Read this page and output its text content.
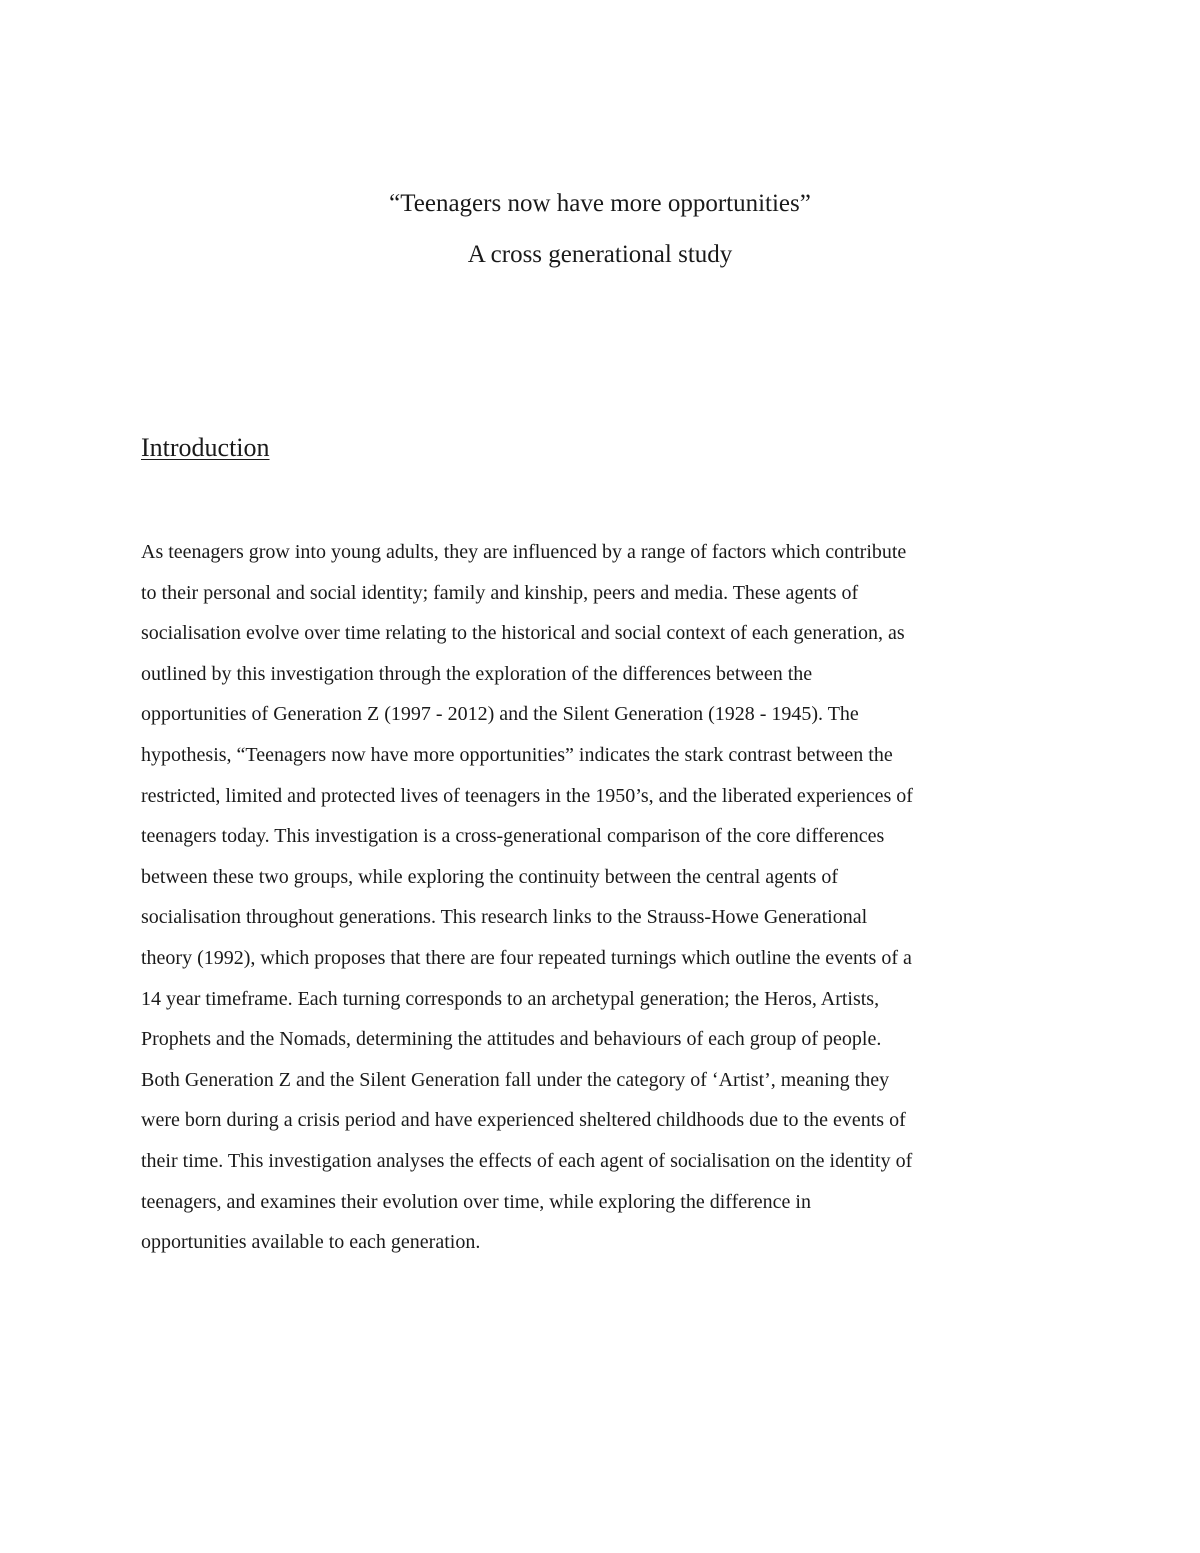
“Teenagers now have more opportunities”

A cross generational study

Introduction
As teenagers grow into young adults, they are influenced by a range of factors which contribute
to their personal and social identity; family and kinship, peers and media. These agents of
socialisation evolve over time relating to the historical and social context of each generation, as
outlined by this investigation through the exploration of the differences between the
opportunities of Generation Z (1997 - 2012) and the Silent Generation (1928 - 1945). The
hypothesis, “Teenagers now have more opportunities” indicates the stark contrast between the
restricted, limited and protected lives of teenagers in the 1950’s, and the liberated experiences of
teenagers today. This investigation is a cross-generational comparison of the core differences
between these two groups, while exploring the continuity between the central agents of
socialisation throughout generations. This research links to the Strauss-Howe Generational
theory (1992), which proposes that there are four repeated turnings which outline the events of a
14 year timeframe. Each turning corresponds to an archetypal generation; the Heros, Artists,
Prophets and the Nomads, determining the attitudes and behaviours of each group of people.
Both Generation Z and the Silent Generation fall under the category of ‘Artist’, meaning they
were born during a crisis period and have experienced sheltered childhoods due to the events of
their time. This investigation analyses the effects of each agent of socialisation on the identity of
teenagers, and examines their evolution over time, while exploring the difference in
opportunities available to each generation.
